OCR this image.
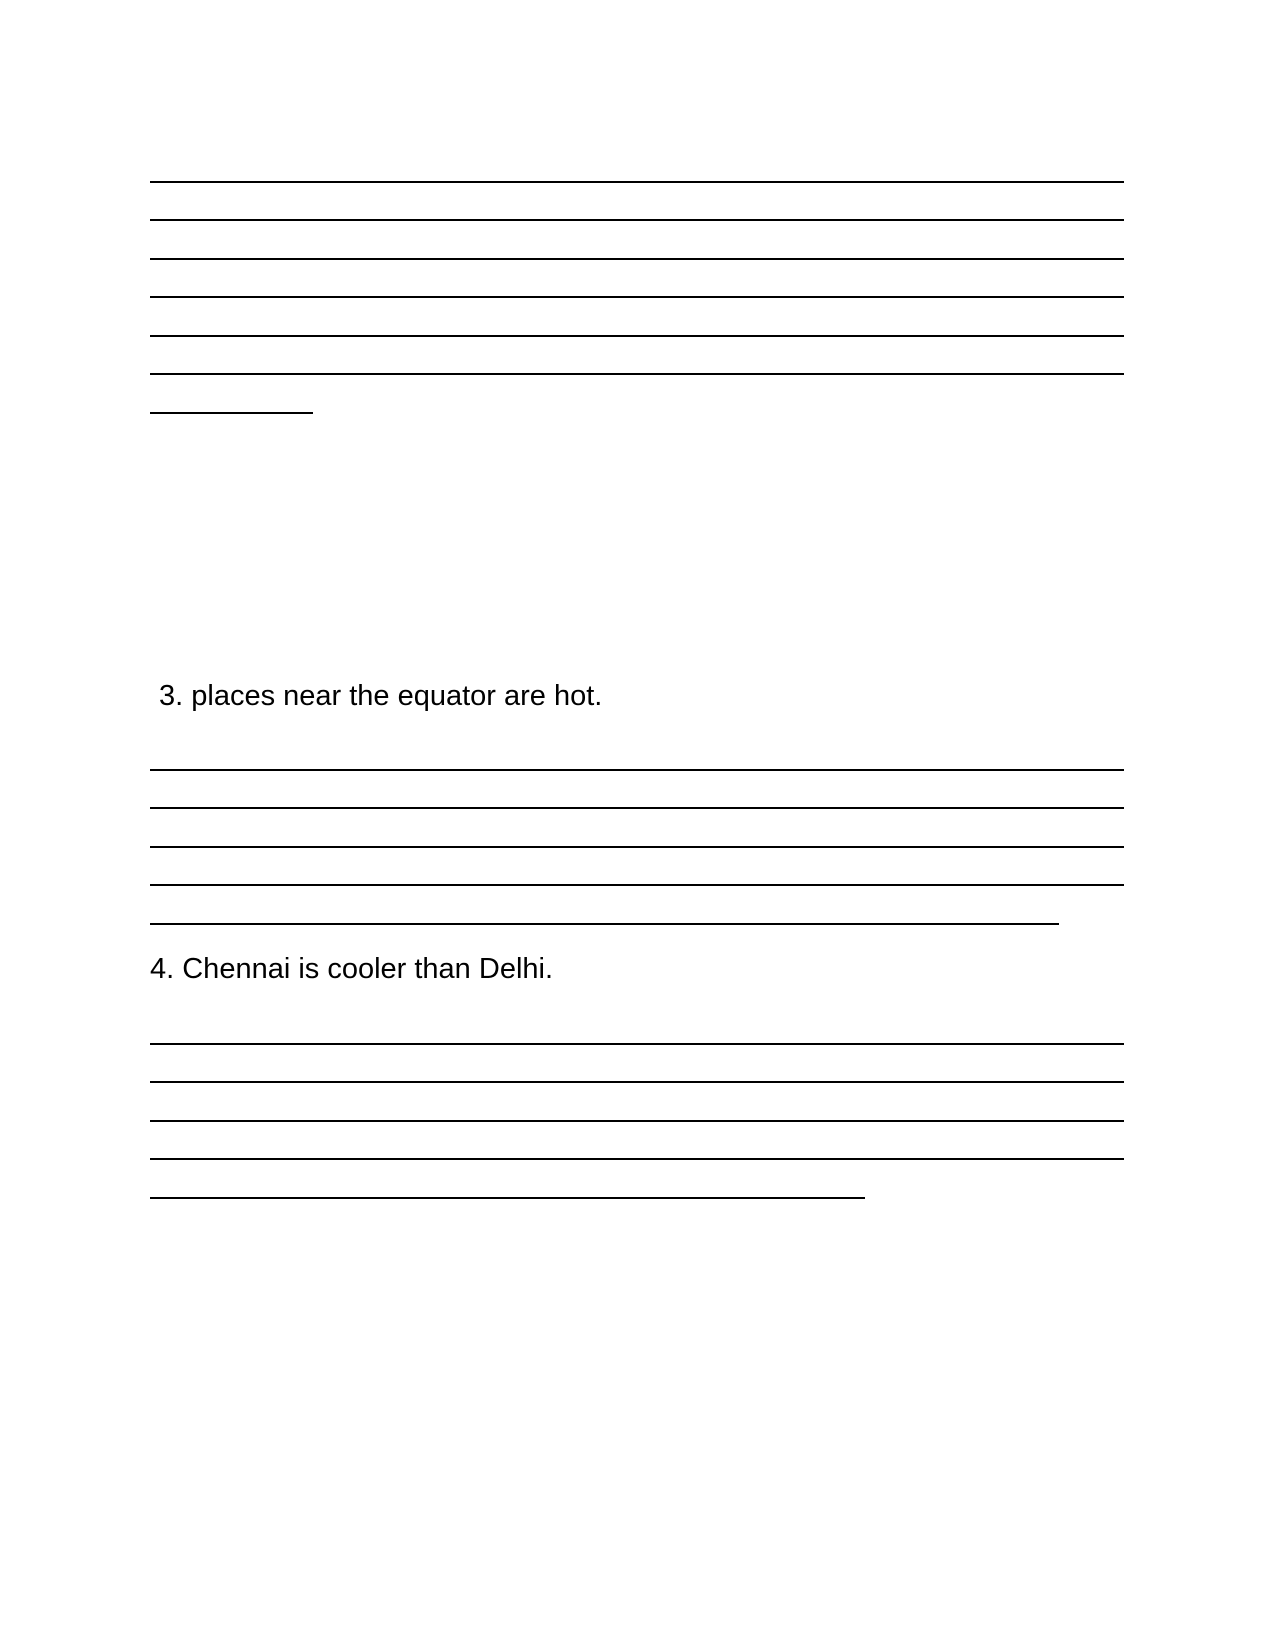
3. places near the equator are hot.
4. Chennai is cooler than Delhi.
